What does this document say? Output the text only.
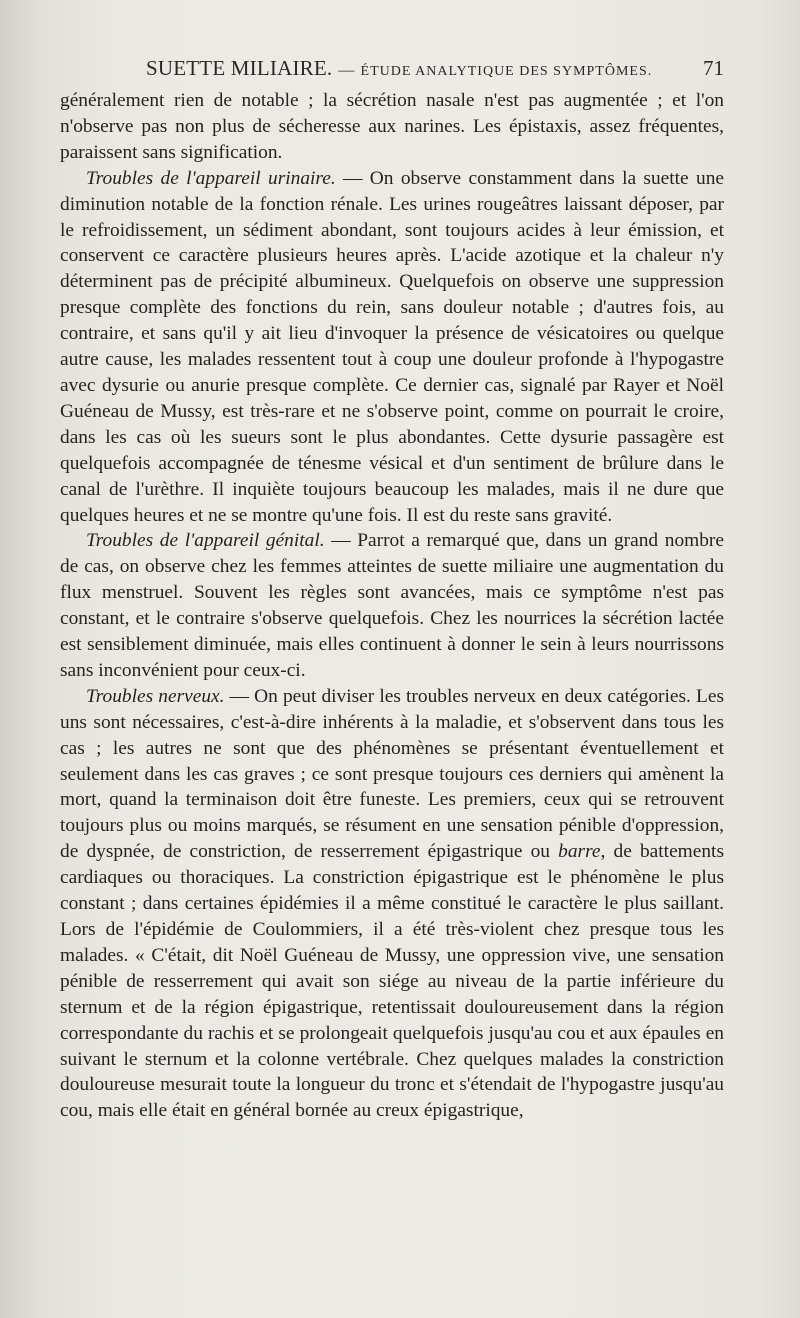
SUETTE MILIAIRE. — ÉTUDE ANALYTIQUE DES SYMPTÔMES. 71

généralement rien de notable ; la sécrétion nasale n'est pas augmentée ; et l'on n'observe pas non plus de sécheresse aux narines. Les épistaxis, assez fréquentes, paraissent sans signification.

Troubles de l'appareil urinaire. — On observe constamment dans la suette une diminution notable de la fonction rénale. Les urines rougeâtres laissant déposer, par le refroidissement, un sédiment abondant, sont toujours acides à leur émission, et conservent ce caractère plusieurs heures après. L'acide azotique et la chaleur n'y déterminent pas de précipité albumineux. Quelquefois on observe une suppression presque complète des fonctions du rein, sans douleur notable ; d'autres fois, au contraire, et sans qu'il y ait lieu d'invoquer la présence de vésicatoires ou quelque autre cause, les malades ressentent tout à coup une douleur profonde à l'hypogastre avec dysurie ou anurie presque complète. Ce dernier cas, signalé par Rayer et Noël Guéneau de Mussy, est très-rare et ne s'observe point, comme on pourrait le croire, dans les cas où les sueurs sont le plus abondantes. Cette dysurie passagère est quelquefois accompagnée de ténesme vésical et d'un sentiment de brûlure dans le canal de l'urèthre. Il inquiète toujours beaucoup les malades, mais il ne dure que quelques heures et ne se montre qu'une fois. Il est du reste sans gravité.

Troubles de l'appareil génital. — Parrot a remarqué que, dans un grand nombre de cas, on observe chez les femmes atteintes de suette miliaire une augmentation du flux menstruel. Souvent les règles sont avancées, mais ce symptôme n'est pas constant, et le contraire s'observe quelquefois. Chez les nourrices la sécrétion lactée est sensiblement diminuée, mais elles continuent à donner le sein à leurs nourrissons sans inconvénient pour ceux-ci.

Troubles nerveux. — On peut diviser les troubles nerveux en deux catégories. Les uns sont nécessaires, c'est-à-dire inhérents à la maladie, et s'observent dans tous les cas ; les autres ne sont que des phénomènes se présentant éventuellement et seulement dans les cas graves ; ce sont presque toujours ces derniers qui amènent la mort, quand la terminaison doit être funeste. Les premiers, ceux qui se retrouvent toujours plus ou moins marqués, se résument en une sensation pénible d'oppression, de dyspnée, de constriction, de resserrement épigastrique ou barre, de battements cardiaques ou thoraciques. La constriction épigastrique est le phénomène le plus constant ; dans certaines épidémies il a même constitué le caractère le plus saillant. Lors de l'épidémie de Coulommiers, il a été très-violent chez presque tous les malades. « C'était, dit Noël Guéneau de Mussy, une oppression vive, une sensation pénible de resserrement qui avait son siége au niveau de la partie inférieure du sternum et de la région épigastrique, retentissait douloureusement dans la région correspondante du rachis et se prolongeait quelquefois jusqu'au cou et aux épaules en suivant le sternum et la colonne vertébrale. Chez quelques malades la constriction douloureuse mesurait toute la longueur du tronc et s'étendait de l'hypogastre jusqu'au cou, mais elle était en général bornée au creux épigastrique,
